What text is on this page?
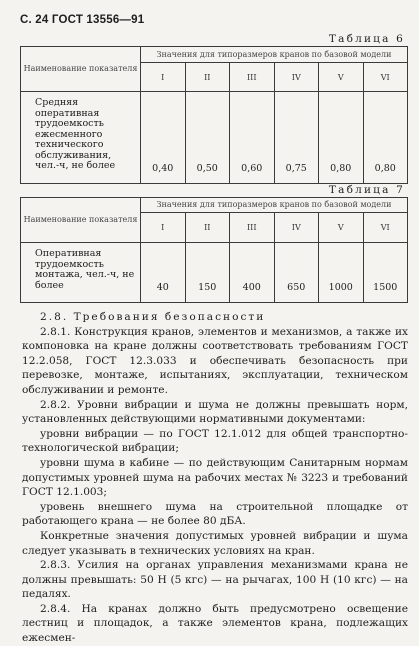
С. 24 ГОСТ 13556—91
Таблица 6
Наименование показателя	Значения для типоразмеров кранов по базовой модели					
	I	II	III	IV	V	VI
Средняя оперативная трудоемкость ежесменного технического обслуживания, чел.-ч, не более	0,40	0,50	0,60	0,75	0,80	0,80
Таблица 7
Наименование показателя	Значения для типоразмеров кранов по базовой модели					
	I	II	III	IV	V	VI
Оперативная трудоемкость монтажа, чел.-ч, не более	40	150	400	650	1000	1500

2.8. Требования безопасности

2.8.1. Конструкция кранов, элементов и механизмов, а также их компоновка на кране должны соответствовать требованиям ГОСТ 12.2.058, ГОСТ 12.3.033 и обеспечивать безопасность при перевозке, монтаже, испытаниях, эксплуатации, техническом обслуживании и ремонте.

2.8.2. Уровни вибрации и шума не должны превышать норм, установленных действующими нормативными документами:

уровни вибрации — по ГОСТ 12.1.012 для общей транспортно-технологической вибрации;

уровни шума в кабине — по действующим Санитарным нормам допустимых уровней шума на рабочих местах № 3223 и требований ГОСТ 12.1.003;

уровень внешнего шума на строительной площадке от работающего крана — не более 80 дБА.

Конкретные значения допустимых уровней вибрации и шума следует указывать в технических условиях на кран.

2.8.3. Усилия на органах управления механизмами крана не должны превышать: 50 Н (5 кгс) — на рычагах, 100 Н (10 кгс) — на педалях.

2.8.4. На кранах должно быть предусмотрено освещение лестниц и площадок, а также элементов крана, подлежащих ежесмен-
